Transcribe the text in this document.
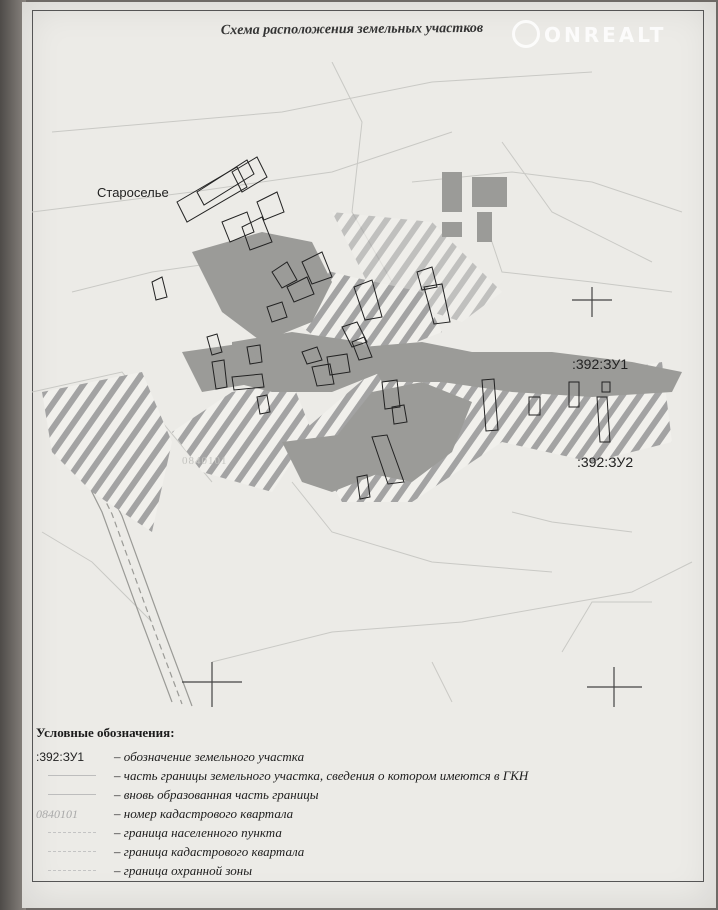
Схема расположения земельных участков	ONREALT
Староселье
:392:ЗУ1
:392:ЗУ2
0840101
Условные обозначения:
:392:ЗУ1	– обозначение земельного участка
– часть границы земельного участка, сведения о котором имеются в ГКН
– вновь образованная часть границы
0840101	– номер кадастрового квартала
– граница населенного пункта
– граница кадастрового квартала
– граница охранной зоны
